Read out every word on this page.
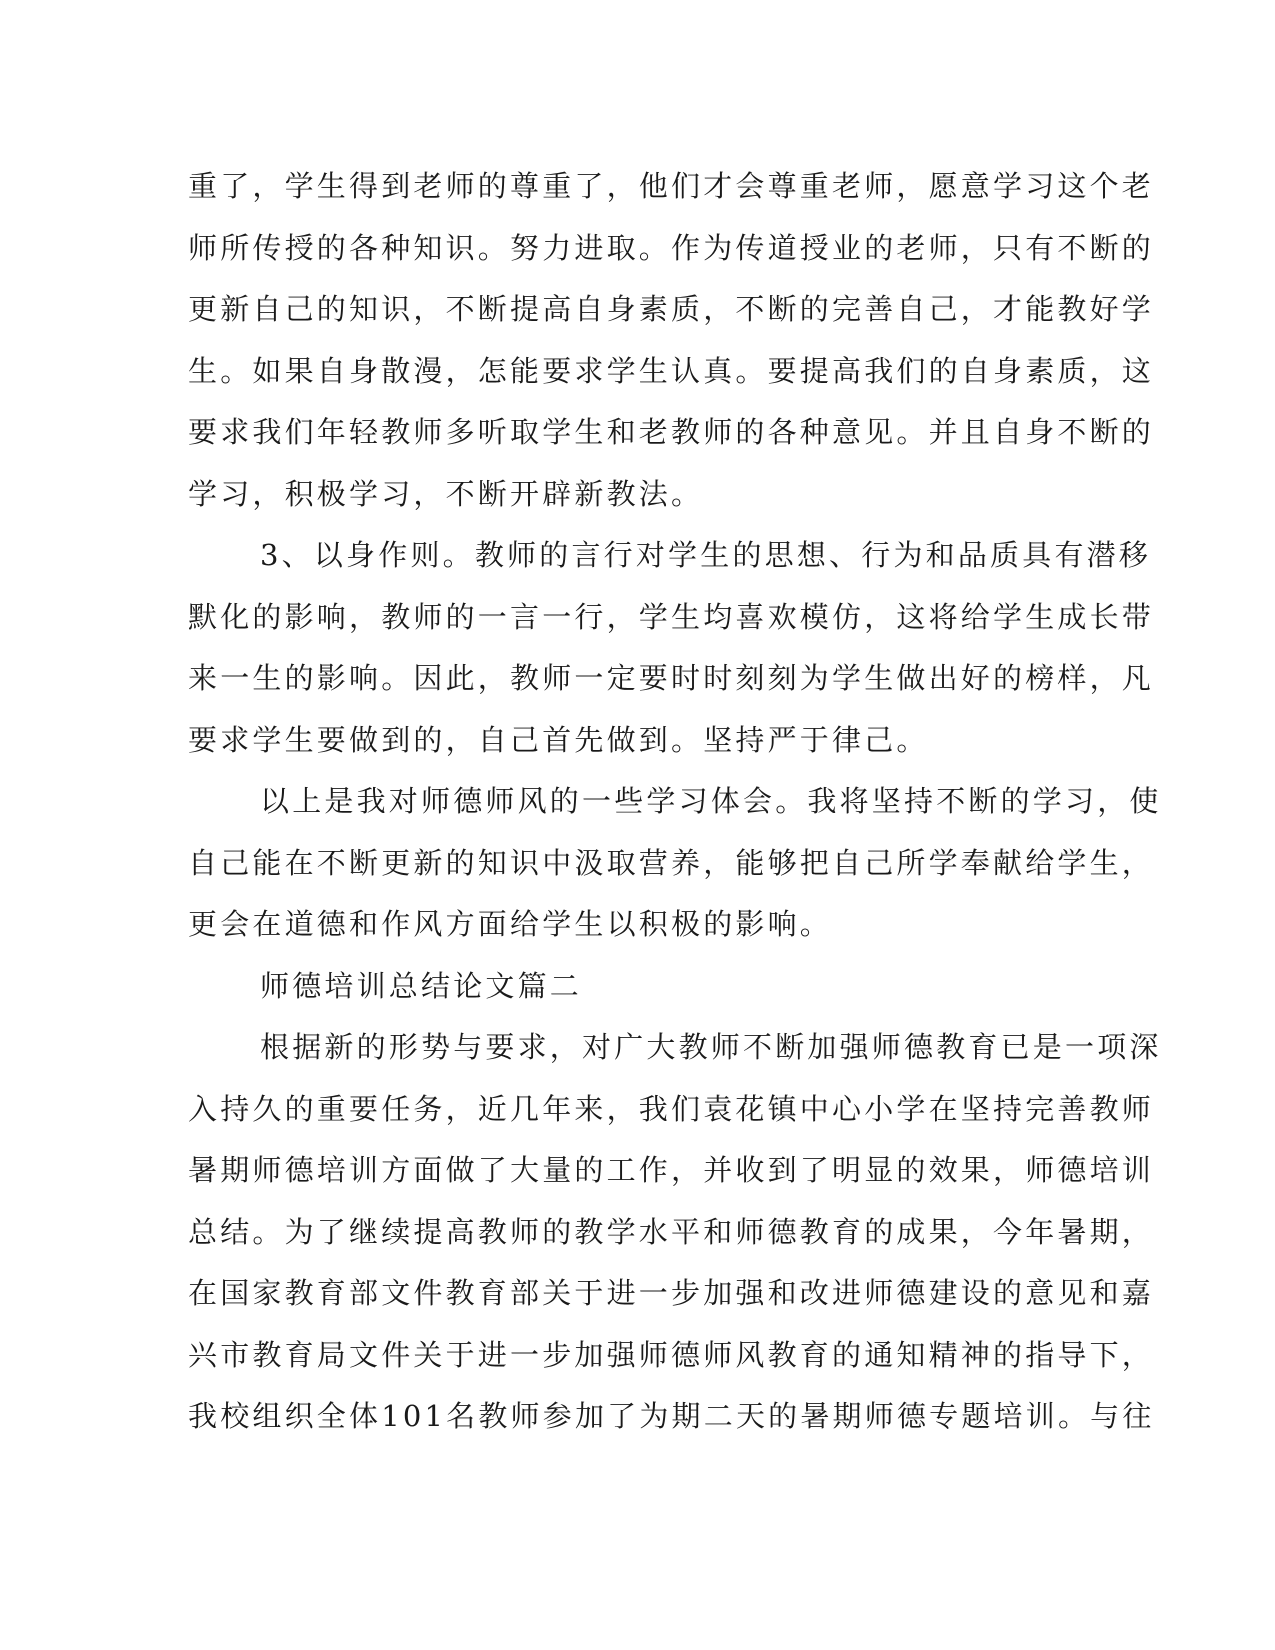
重了，学生得到老师的尊重了，他们才会尊重老师，愿意学习这个老
师所传授的各种知识。努力进取。作为传道授业的老师，只有不断的
更新自己的知识，不断提高自身素质，不断的完善自己，才能教好学
生。如果自身散漫，怎能要求学生认真。要提高我们的自身素质，这
要求我们年轻教师多听取学生和老教师的各种意见。并且自身不断的
学习，积极学习，不断开辟新教法。
3、以身作则。教师的言行对学生的思想、行为和品质具有潜移
默化的影响，教师的一言一行，学生均喜欢模仿，这将给学生成长带
来一生的影响。因此，教师一定要时时刻刻为学生做出好的榜样，凡
要求学生要做到的，自己首先做到。坚持严于律己。
以上是我对师德师风的一些学习体会。我将坚持不断的学习，使
自己能在不断更新的知识中汲取营养，能够把自己所学奉献给学生，
更会在道德和作风方面给学生以积极的影响。
师德培训总结论文篇二
根据新的形势与要求，对广大教师不断加强师德教育已是一项深
入持久的重要任务，近几年来，我们袁花镇中心小学在坚持完善教师
暑期师德培训方面做了大量的工作，并收到了明显的效果，师德培训
总结。为了继续提高教师的教学水平和师德教育的成果，今年暑期，
在国家教育部文件教育部关于进一步加强和改进师德建设的意见和嘉
兴市教育局文件关于进一步加强师德师风教育的通知精神的指导下，
我校组织全体101名教师参加了为期二天的暑期师德专题培训。与往
